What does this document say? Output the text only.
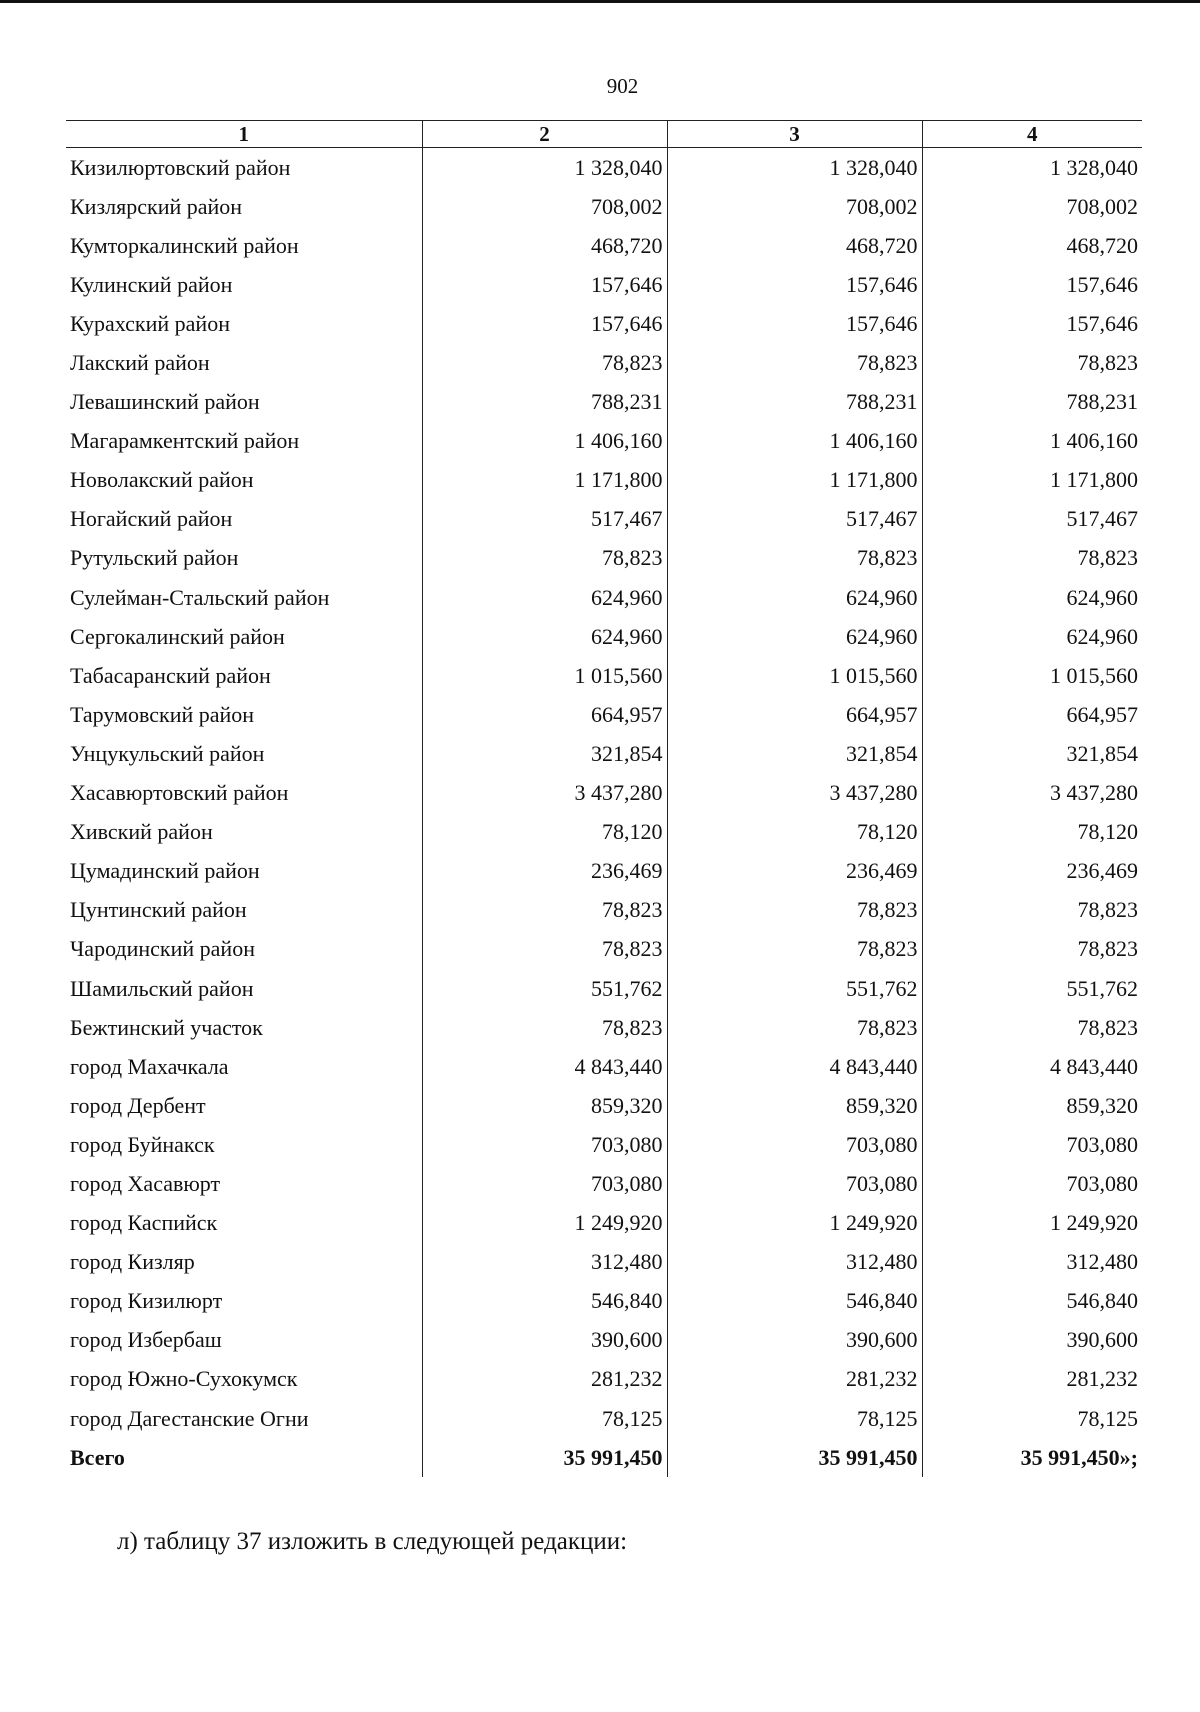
902
1	2	3	4
Кизилюртовский район	1 328,040	1 328,040	1 328,040
Кизлярский район	708,002	708,002	708,002
Кумторкалинский район	468,720	468,720	468,720
Кулинский район	157,646	157,646	157,646
Курахский район	157,646	157,646	157,646
Лакский район	78,823	78,823	78,823
Левашинский район	788,231	788,231	788,231
Магарамкентский район	1 406,160	1 406,160	1 406,160
Новолакский район	1 171,800	1 171,800	1 171,800
Ногайский район	517,467	517,467	517,467
Рутульский район	78,823	78,823	78,823
Сулейман-Стальский район	624,960	624,960	624,960
Сергокалинский район	624,960	624,960	624,960
Табасаранский район	1 015,560	1 015,560	1 015,560
Тарумовский район	664,957	664,957	664,957
Унцукульский район	321,854	321,854	321,854
Хасавюртовский район	3 437,280	3 437,280	3 437,280
Хивский район	78,120	78,120	78,120
Цумадинский район	236,469	236,469	236,469
Цунтинский район	78,823	78,823	78,823
Чародинский район	78,823	78,823	78,823
Шамильский район	551,762	551,762	551,762
Бежтинский участок	78,823	78,823	78,823
город Махачкала	4 843,440	4 843,440	4 843,440
город Дербент	859,320	859,320	859,320
город Буйнакск	703,080	703,080	703,080
город Хасавюрт	703,080	703,080	703,080
город Каспийск	1 249,920	1 249,920	1 249,920
город Кизляр	312,480	312,480	312,480
город Кизилюрт	546,840	546,840	546,840
город Избербаш	390,600	390,600	390,600
город Южно-Сухокумск	281,232	281,232	281,232
город Дагестанские Огни	78,125	78,125	78,125
Всего	35 991,450	35 991,450	35 991,450»;
л) таблицу 37 изложить в следующей редакции:
